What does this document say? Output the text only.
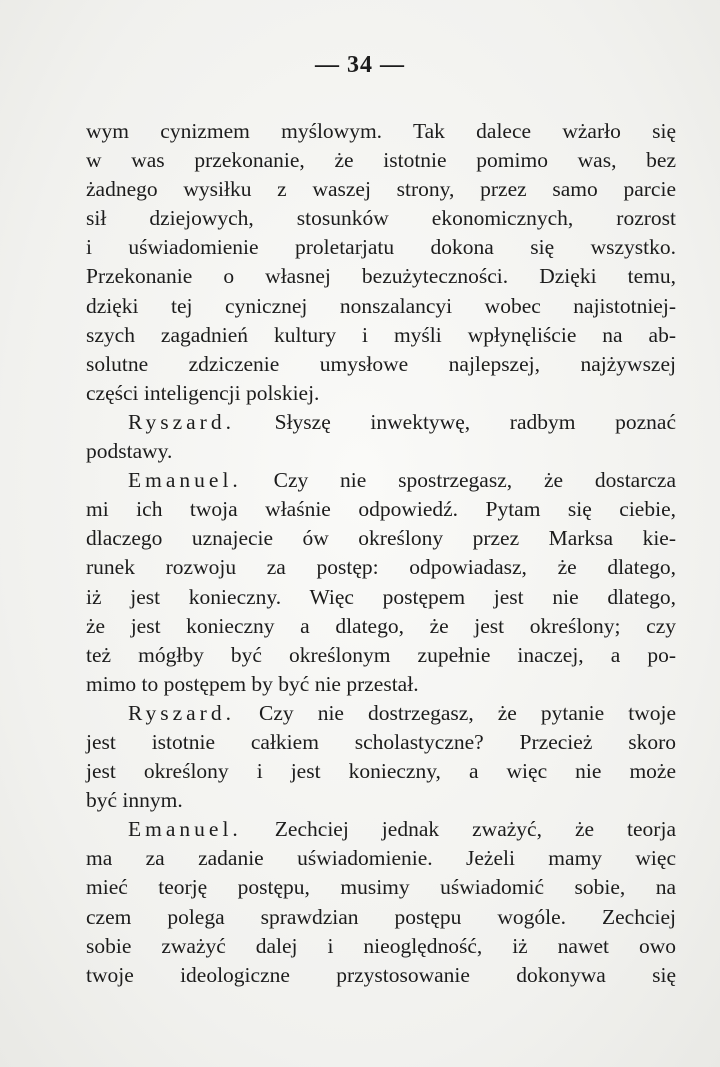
— 34 —
wym cynizmem myślowym. Tak dalece wżarło się
w was przekonanie, że istotnie pomimo was, bez
żadnego wysiłku z waszej strony, przez samo parcie
sił dziejowych, stosunków ekonomicznych, rozrost
i uświadomienie proletarjatu dokona się wszystko.
Przekonanie o własnej bezużyteczności. Dzięki temu,
dzięki tej cynicznej nonszalancyi wobec najistotniej-
szych zagadnień kultury i myśli wpłynęliście na ab-
solutne zdziczenie umysłowe najlepszej, najżywszej
części inteligencji polskiej.
Ryszard. Słyszę inwektywę, radbym poznać
podstawy.
Emanuel. Czy nie spostrzegasz, że dostarcza
mi ich twoja właśnie odpowiedź. Pytam się ciebie,
dlaczego uznajecie ów określony przez Marksa kie-
runek rozwoju za postęp: odpowiadasz, że dlatego,
iż jest konieczny. Więc postępem jest nie dlatego,
że jest konieczny a dlatego, że jest określony; czy
też mógłby być określonym zupełnie inaczej, a po-
mimo to postępem by być nie przestał.
Ryszard. Czy nie dostrzegasz, że pytanie twoje
jest istotnie całkiem scholastyczne? Przecież skoro
jest określony i jest konieczny, a więc nie może
być innym.
Emanuel. Zechciej jednak zważyć, że teorja
ma za zadanie uświadomienie. Jeżeli mamy więc
mieć teorję postępu, musimy uświadomić sobie, na
czem polega sprawdzian postępu wogóle. Zechciej
sobie zważyć dalej i nieoględność, iż nawet owo
twoje ideologiczne przystosowanie dokonywa się
